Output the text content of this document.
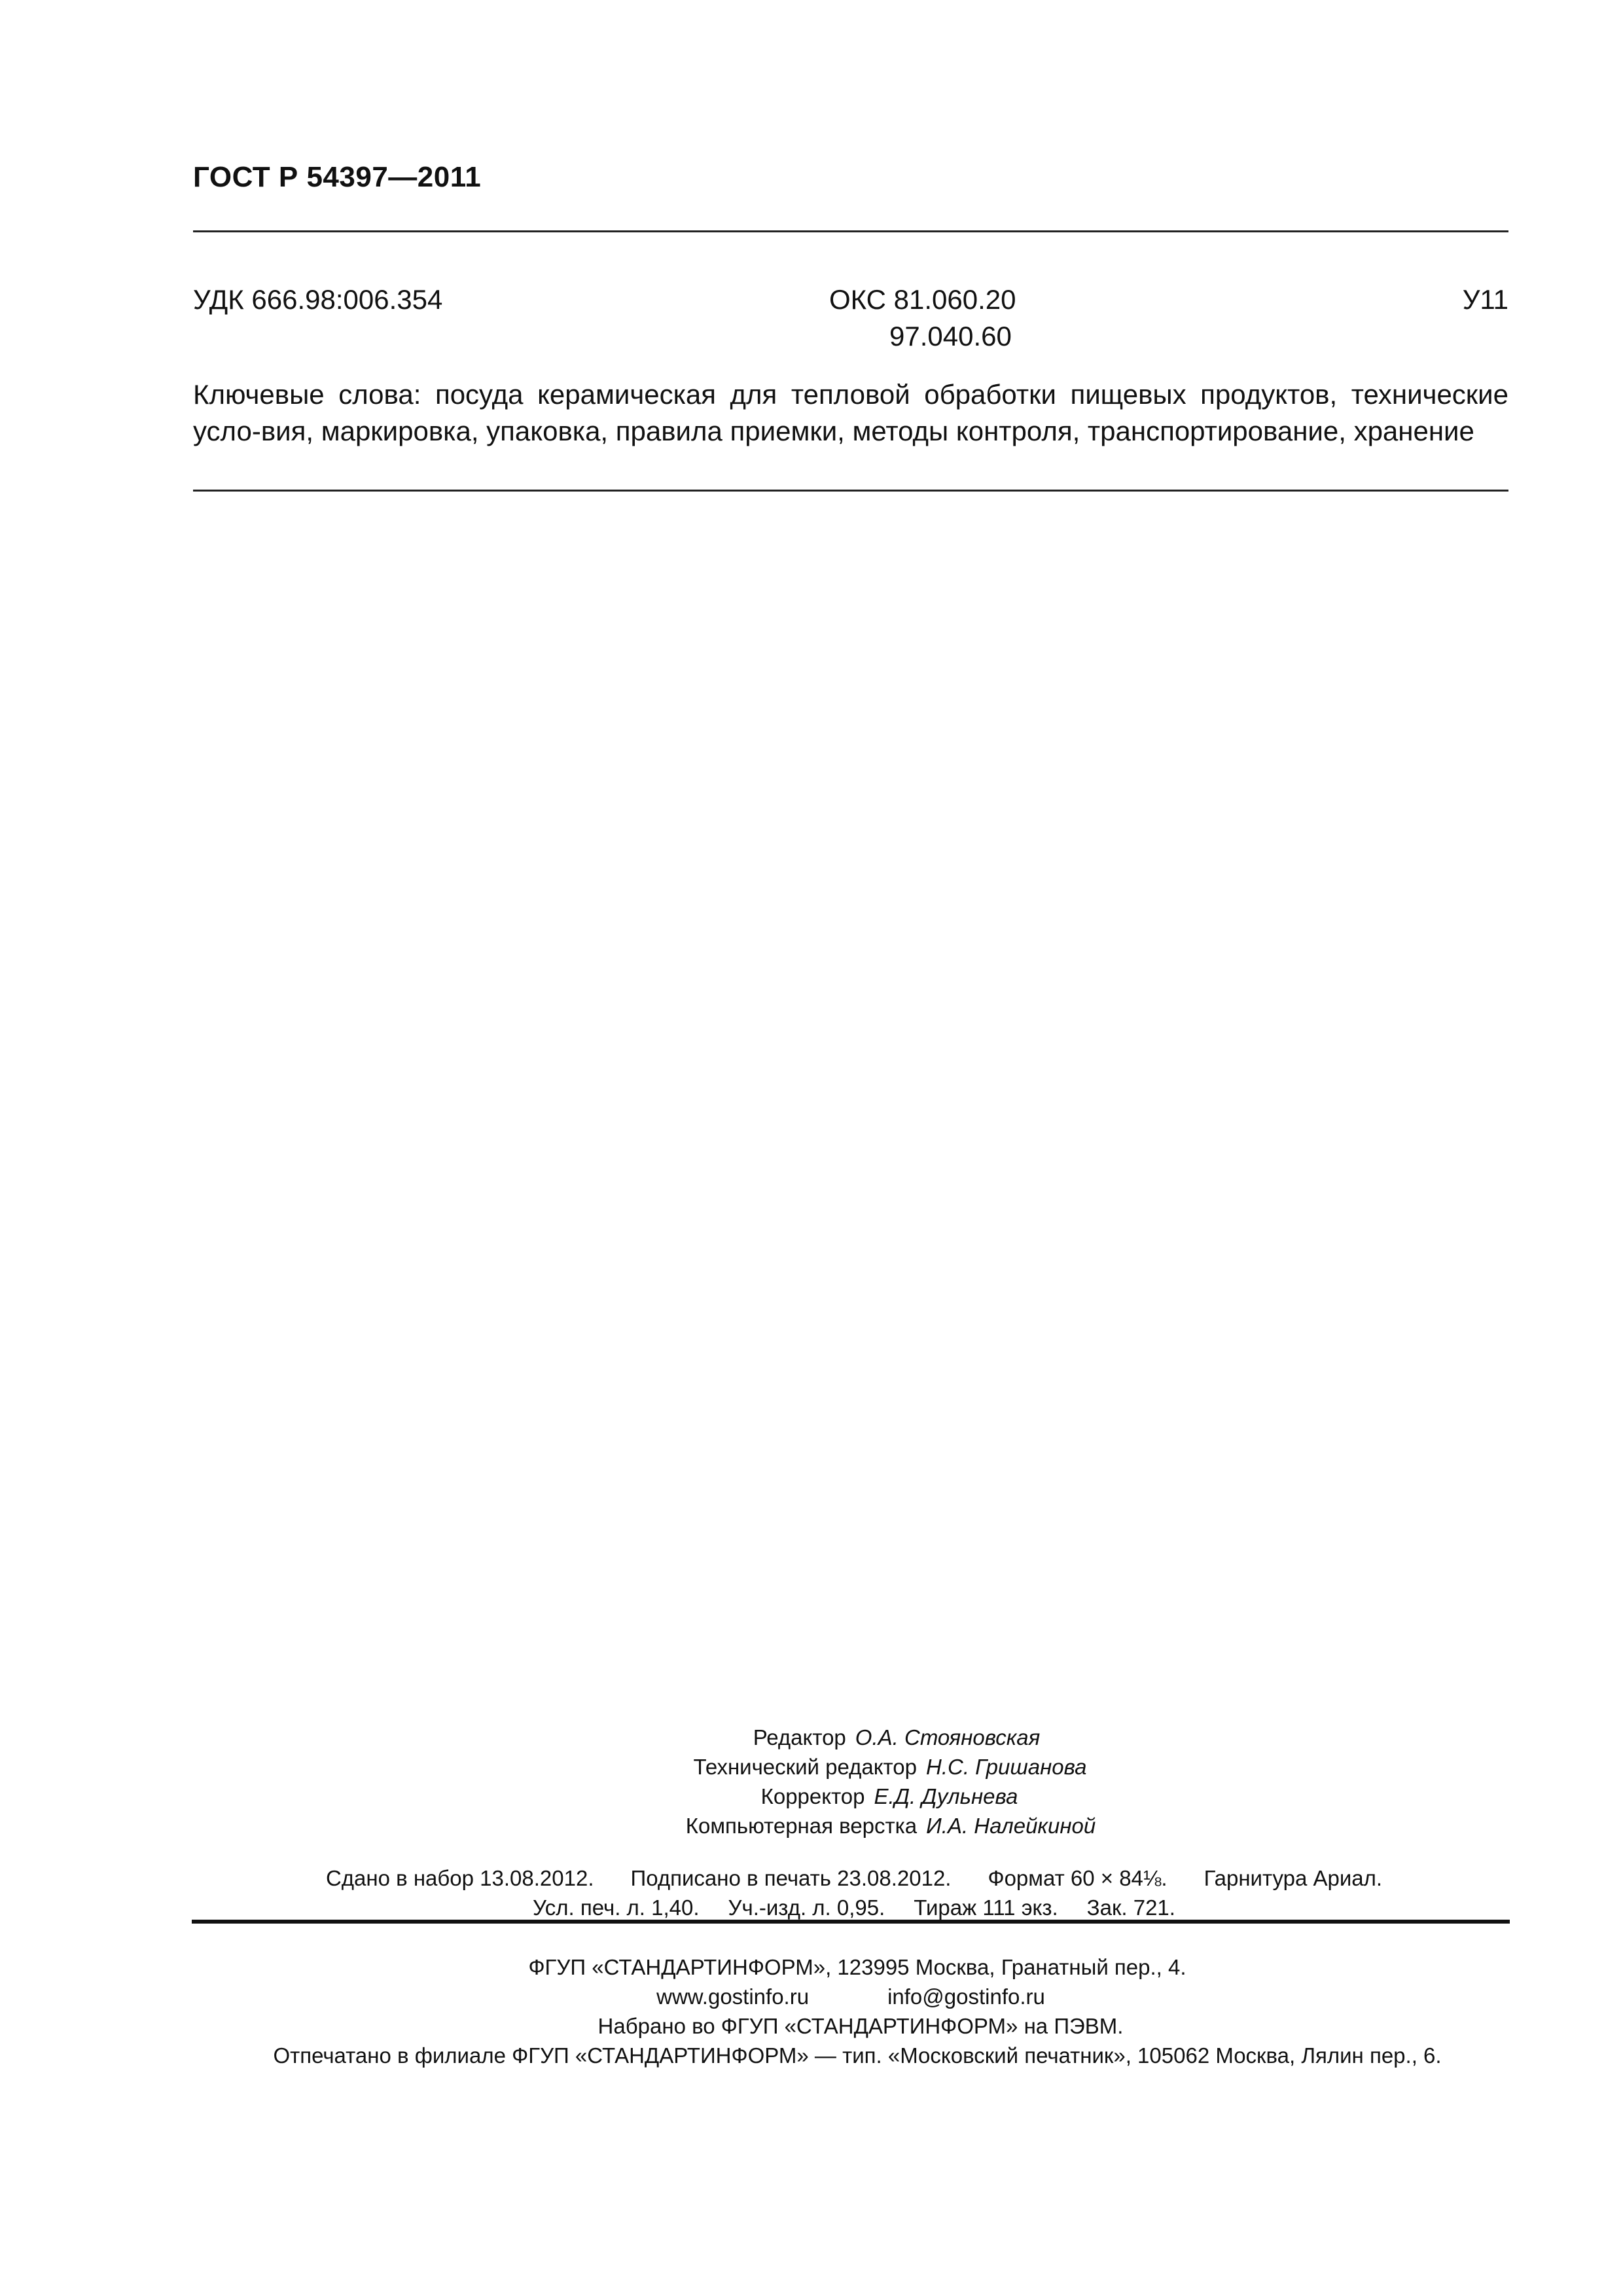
ГОСТ Р 54397—2011
УДК 666.98:006.354	ОКС 81.060.20
97.040.60
У11
Ключевые слова: посуда керамическая для тепловой обработки пищевых продуктов, технические усло-вия, маркировка, упаковка, правила приемки, методы контроля, транспортирование, хранение
Редактор О.А. Стояновская
Технический редактор Н.С. Гришанова
Корректор Е.Д. Дульнева
Компьютерная верстка И.А. Налейкиной
Сдано в набор 13.08.2012. Подписано в печать 23.08.2012. Формат 60 × 84⅛. Гарнитура Ариал.
Усл. печ. л. 1,40. Уч.-изд. л. 0,95. Тираж 111 экз. Зак. 721.
ФГУП «СТАНДАРТИНФОРМ», 123995 Москва, Гранатный пер., 4.
www.gostinfo.ru	info@gostinfo.ru
Набрано во ФГУП «СТАНДАРТИНФОРМ» на ПЭВМ.
Отпечатано в филиале ФГУП «СТАНДАРТИНФОРМ» — тип. «Московский печатник», 105062 Москва, Лялин пер., 6.
